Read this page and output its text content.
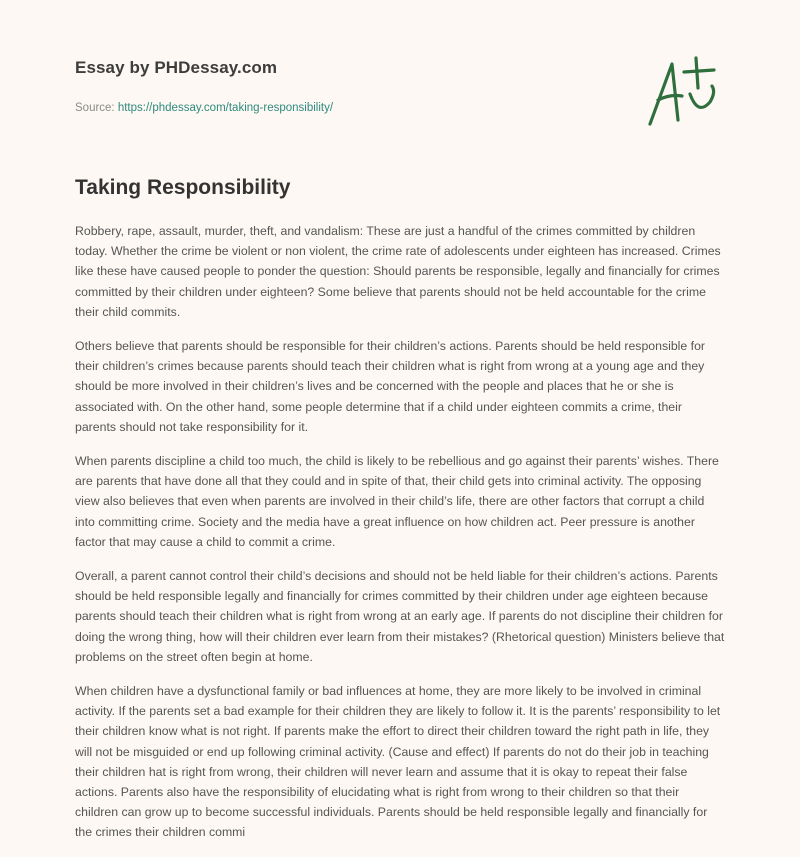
Essay by PHDessay.com
Source: https://phdessay.com/taking-responsibility/
Taking Responsibility

Robbery, rape, assault, murder, theft, and vandalism: These are just a handful of the crimes committed by children today. Whether the crime be violent or non violent, the crime rate of adolescents under eighteen has increased. Crimes like these have caused people to ponder the question: Should parents be responsible, legally and financially for crimes committed by their children under eighteen? Some believe that parents should not be held accountable for the crime their child commits.

Others believe that parents should be responsible for their children’s actions. Parents should be held responsible for their children’s crimes because parents should teach their children what is right from wrong at a young age and they should be more involved in their children’s lives and be concerned with the people and places that he or she is associated with. On the other hand, some people determine that if a child under eighteen commits a crime, their parents should not take responsibility for it.

When parents discipline a child too much, the child is likely to be rebellious and go against their parents’ wishes. There are parents that have done all that they could and in spite of that, their child gets into criminal activity. The opposing view also believes that even when parents are involved in their child’s life, there are other factors that corrupt a child into committing crime. Society and the media have a great influence on how children act. Peer pressure is another factor that may cause a child to commit a crime.

Overall, a parent cannot control their child’s decisions and should not be held liable for their children’s actions. Parents should be held responsible legally and financially for crimes committed by their children under age eighteen because parents should teach their children what is right from wrong at an early age. If parents do not discipline their children for doing the wrong thing, how will their children ever learn from their mistakes? (Rhetorical question) Ministers believe that problems on the street often begin at home.

When children have a dysfunctional family or bad influences at home, they are more likely to be involved in criminal activity. If the parents set a bad example for their children they are likely to follow it. It is the parents’ responsibility to let their children know what is not right. If parents make the effort to direct their children toward the right path in life, they will not be misguided or end up following criminal activity. (Cause and effect) If parents do not do their job in teaching their children hat is right from wrong, their children will never learn and assume that it is okay to repeat their false actions. Parents also have the responsibility of elucidating what is right from wrong to their children so that their children can grow up to become successful individuals. Parents should be held responsible legally and financially for the crimes their children commi
